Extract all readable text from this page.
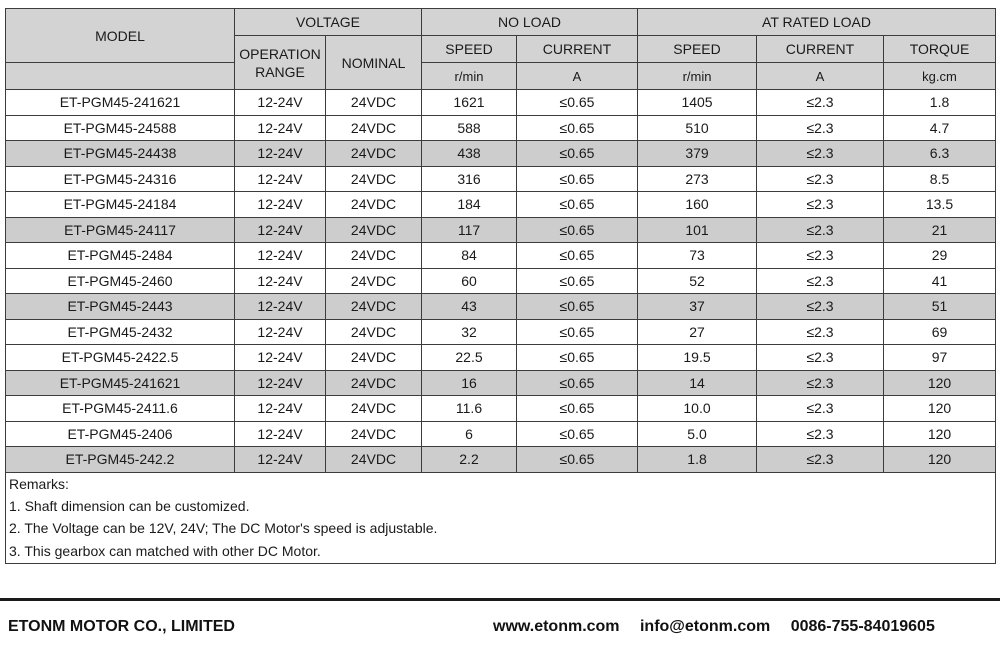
MODEL	VOLTAGE		NO LOAD		AT RATED LOAD		
	OPERATION RANGE	NOMINAL	SPEED	CURRENT	SPEED	CURRENT	TORQUE
			r/min	A	r/min	A	kg.cm
ET-PGM45-241621	12-24V	24VDC	1621	≤0.65	1405	≤2.3	1.8
ET-PGM45-24588	12-24V	24VDC	588	≤0.65	510	≤2.3	4.7
ET-PGM45-24438	12-24V	24VDC	438	≤0.65	379	≤2.3	6.3
ET-PGM45-24316	12-24V	24VDC	316	≤0.65	273	≤2.3	8.5
ET-PGM45-24184	12-24V	24VDC	184	≤0.65	160	≤2.3	13.5
ET-PGM45-24117	12-24V	24VDC	117	≤0.65	101	≤2.3	21
ET-PGM45-2484	12-24V	24VDC	84	≤0.65	73	≤2.3	29
ET-PGM45-2460	12-24V	24VDC	60	≤0.65	52	≤2.3	41
ET-PGM45-2443	12-24V	24VDC	43	≤0.65	37	≤2.3	51
ET-PGM45-2432	12-24V	24VDC	32	≤0.65	27	≤2.3	69
ET-PGM45-2422.5	12-24V	24VDC	22.5	≤0.65	19.5	≤2.3	97
ET-PGM45-241621	12-24V	24VDC	16	≤0.65	14	≤2.3	120
ET-PGM45-2411.6	12-24V	24VDC	11.6	≤0.65	10.0	≤2.3	120
ET-PGM45-2406	12-24V	24VDC	6	≤0.65	5.0	≤2.3	120
ET-PGM45-242.2	12-24V	24VDC	2.2	≤0.65	1.8	≤2.3	120
Remarks:							
1. Shaft dimension can be customized.							
2. The Voltage can be 12V, 24V; The DC Motor's speed is adjustable.							
3. This gearbox can matched with other DC Motor.							
ETONM MOTOR CO., LIMITED	www.etonm.com info@etonm.com 0086-755-84019605
